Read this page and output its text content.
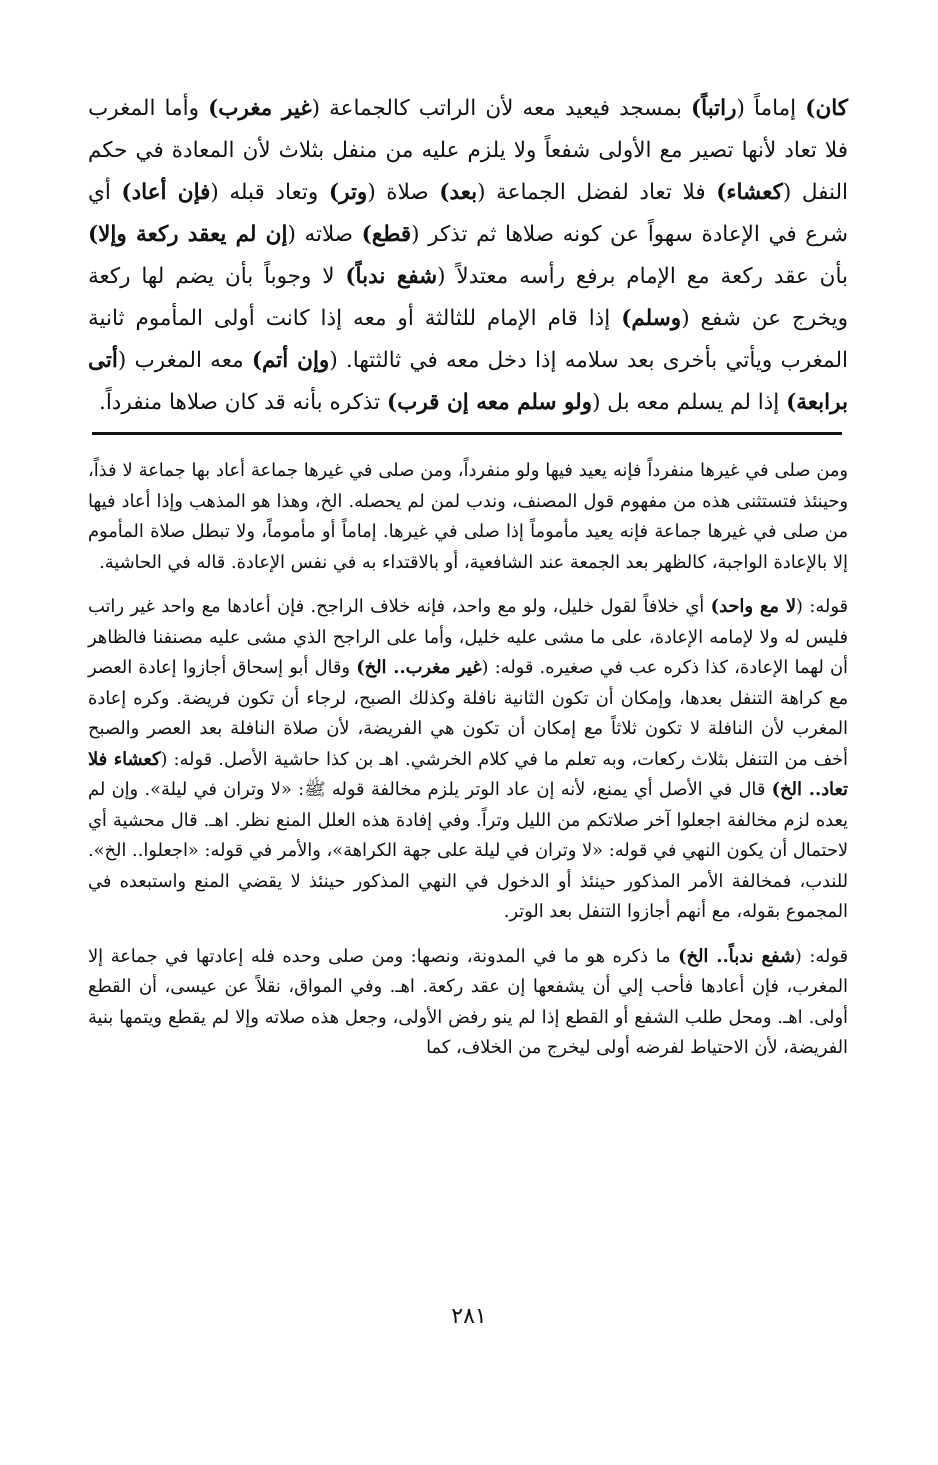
كان) إماماً (راتباً) بمسجد فيعيد معه لأن الراتب كالجماعة (غير مغرب) وأما المغرب فلا تعاد لأنها تصير مع الأولى شفعاً ولا يلزم عليه من منفل بثلاث لأن المعادة في حكم النفل (كعشاء) فلا تعاد لفضل الجماعة (بعد) صلاة (وتر) وتعاد قبله (فإن أعاد) أي شرع في الإعادة سهواً عن كونه صلاها ثم تذكر (قطع) صلاته (إن لم يعقد ركعة وإلا) بأن عقد ركعة مع الإمام برفع رأسه معتدلاً (شفع ندباً) لا وجوباً بأن يضم لها ركعة ويخرج عن شفع (وسلم) إذا قام الإمام للثالثة أو معه إذا كانت أولى المأموم ثانية المغرب ويأتي بأخرى بعد سلامه إذا دخل معه في ثالثتها. (وإن أتم) معه المغرب (أتى برابعة) إذا لم يسلم معه بل (ولو سلم معه إن قرب) تذكره بأنه قد كان صلاها منفرداً.

ومن صلى في غيرها منفرداً فإنه يعيد فيها ولو منفرداً، ومن صلى في غيرها جماعة أعاد بها جماعة لا فذاً، وحينئذ فتستثنى هذه من مفهوم قول المصنف، وندب لمن لم يحصله. الخ، وهذا هو المذهب وإذا أعاد فيها من صلى في غيرها جماعة فإنه يعيد مأموماً إذا صلى في غيرها. إماماً أو مأموماً، ولا تبطل صلاة المأموم إلا بالإعادة الواجبة، كالظهر بعد الجمعة عند الشافعية، أو بالاقتداء به في نفس الإعادة. قاله في الحاشية.

قوله: (لا مع واحد) أي خلافاً لقول خليل، ولو مع واحد، فإنه خلاف الراجح. فإن أعادها مع واحد غير راتب فليس له ولا لإمامه الإعادة، على ما مشى عليه خليل، وأما على الراجح الذي مشى عليه مصنفنا فالظاهر أن لهما الإعادة، كذا ذكره عب في صغيره. قوله: (غير مغرب.. الخ) وقال أبو إسحاق أجازوا إعادة العصر مع كراهة التنفل بعدها، وإمكان أن تكون الثانية نافلة وكذلك الصبح، لرجاء أن تكون فريضة. وكره إعادة المغرب لأن النافلة لا تكون ثلاثاً مع إمكان أن تكون هي الفريضة، لأن صلاة النافلة بعد العصر والصبح أخف من التنفل بثلاث ركعات، وبه تعلم ما في كلام الخرشي. اهـ بن كذا حاشية الأصل. قوله: (كعشاء فلا تعاد.. الخ) قال في الأصل أي يمنع، لأنه إن عاد الوتر يلزم مخالفة قوله ﷺ: «لا وتران في ليلة». وإن لم يعده لزم مخالفة اجعلوا آخر صلاتكم من الليل وتراً. وفي إفادة هذه العلل المنع نظر. اهـ. قال محشية أي لاحتمال أن يكون النهي في قوله: «لا وتران في ليلة على جهة الكراهة»، والأمر في قوله: «اجعلوا.. الخ». للندب، فمخالفة الأمر المذكور حينئذ أو الدخول في النهي المذكور حينئذ لا يقضي المنع واستبعده في المجموع بقوله، مع أنهم أجازوا التنفل بعد الوتر.

قوله: (شفع ندباً.. الخ) ما ذكره هو ما في المدونة، ونصها: ومن صلى وحده فله إعادتها في جماعة إلا المغرب، فإن أعادها فأحب إلي أن يشفعها إن عقد ركعة. اهـ. وفي المواق، نقلاً عن عيسى، أن القطع أولى. اهـ. ومحل طلب الشفع أو القطع إذا لم ينو رفض الأولى، وجعل هذه صلاته وإلا لم يقطع ويتمها بنية الفريضة، لأن الاحتياط لفرضه أولى ليخرج من الخلاف، كما

٢٨١
